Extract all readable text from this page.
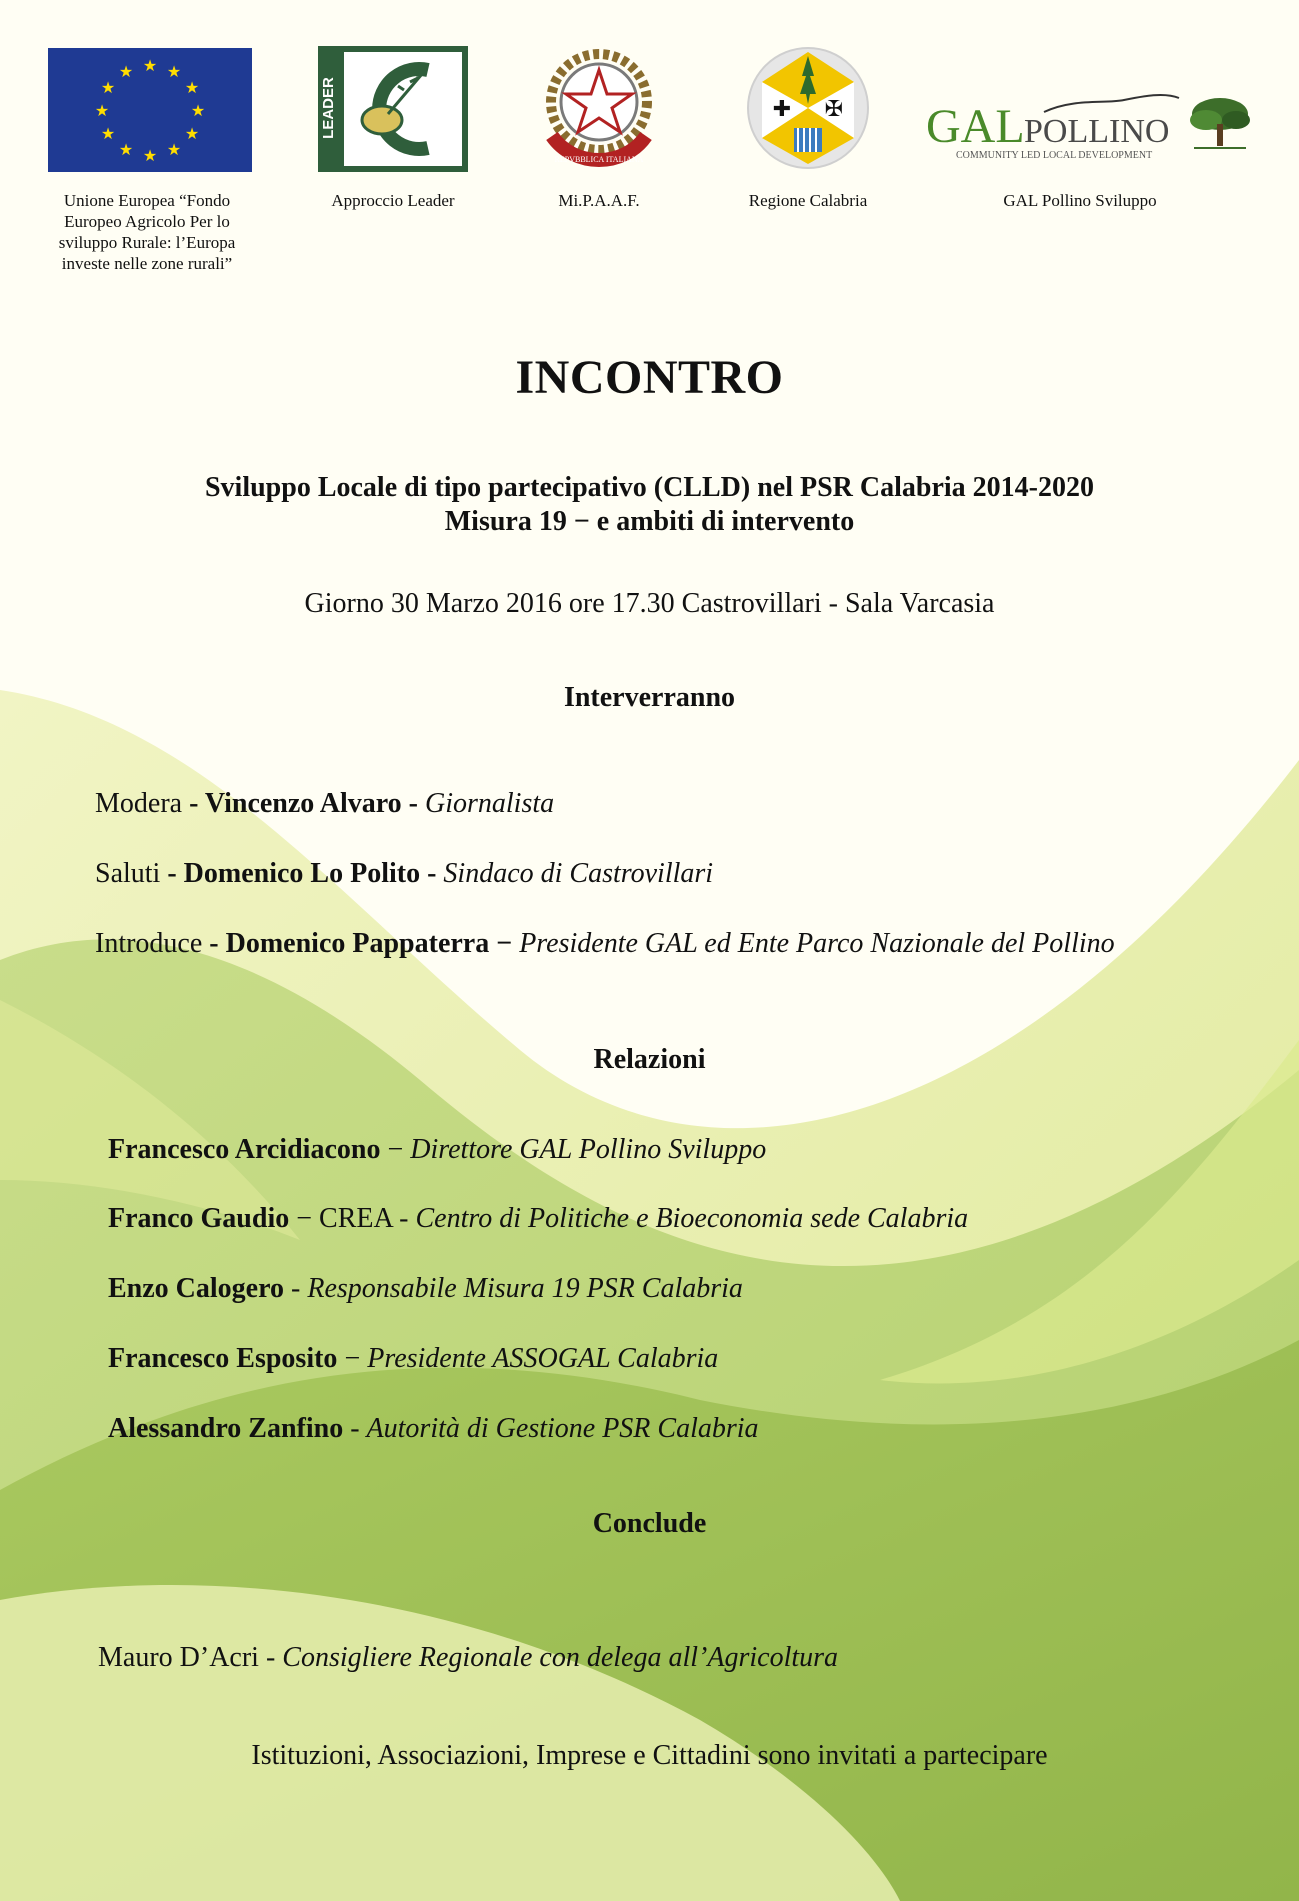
★ ★
★
★
★
★
★
★
★
★
★
★
Unione Europea “Fondo Europeo Agricolo Per lo sviluppo Rurale: l’Europa investe nelle zone rurali”
LEADER
Approccio Leader
REPVBBLICA ITALIANA
Mi.P.A.A.F.
✚ ✠
Regione Calabria
GAL POLLINO
COMMUNITY LED LOCAL DEVELOPMENT
GAL Pollino Sviluppo
INCONTRO
Sviluppo Locale di tipo partecipativo (CLLD) nel PSR Calabria 2014-2020
Misura 19 − e ambiti di intervento
Giorno 30 Marzo 2016 ore 17.30 Castrovillari - Sala Varcasia
Interverranno
Modera - Vincenzo Alvaro - Giornalista
Saluti - Domenico Lo Polito - Sindaco di Castrovillari
Introduce - Domenico Pappaterra − Presidente GAL ed Ente Parco Nazionale del Pollino
Relazioni
Francesco Arcidiacono − Direttore GAL Pollino Sviluppo
Franco Gaudio − CREA - Centro di Politiche e Bioeconomia sede Calabria
Enzo Calogero - Responsabile Misura 19 PSR Calabria
Francesco Esposito − Presidente ASSOGAL Calabria
Alessandro Zanfino - Autorità di Gestione PSR Calabria
Conclude
Mauro D’Acri - Consigliere Regionale con delega all’Agricoltura
Istituzioni, Associazioni, Imprese e Cittadini sono invitati a partecipare
